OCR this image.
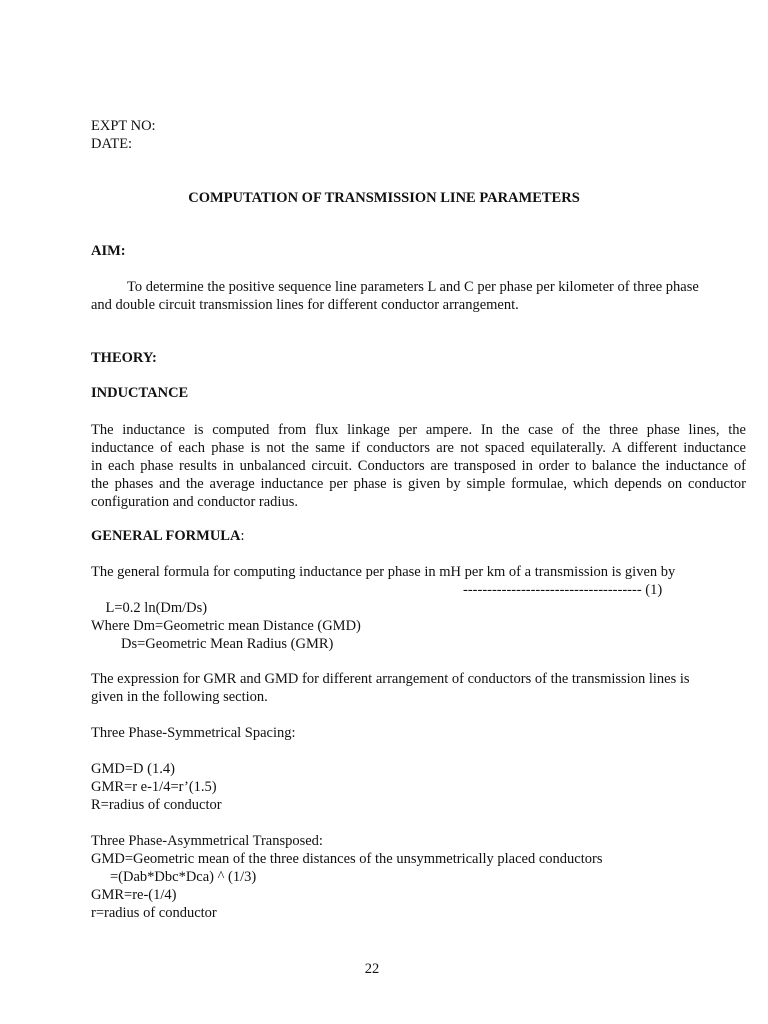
EXPT NO:
DATE:
COMPUTATION OF TRANSMISSION LINE PARAMETERS
AIM:
To determine the positive sequence line parameters L and C per phase per kilometer of three phase
and double circuit transmission lines for different conductor arrangement.
THEORY:
INDUCTANCE
The inductance is computed from flux linkage per ampere. In the case of the three phase lines, the
inductance of each phase is not the same if conductors are not spaced equilaterally. A different inductance
in each phase results in unbalanced circuit. Conductors are transposed in order to balance the inductance of
the phases and the average inductance per phase is given by simple formulae, which depends on conductor
configuration and conductor radius.
GENERAL FORMULA:
The general formula for computing inductance per phase in mH per km of a transmission is given by

L=0.2 ln(Dm/Ds)

------------------------------------- (1)

Where Dm=Geometric mean Distance (GMD)
Ds=Geometric Mean Radius (GMR)
The expression for GMR and GMD for different arrangement of conductors of the transmission lines is
given in the following section.
Three Phase-Symmetrical Spacing:
GMD=D (1.4)
GMR=r e-1/4=r’(1.5)
R=radius of conductor
Three Phase-Asymmetrical Transposed:
GMD=Geometric mean of the three distances of the unsymmetrically placed conductors
=(Dab*Dbc*Dca) ^ (1/3)
GMR=re-(1/4)
r=radius of conductor
22
